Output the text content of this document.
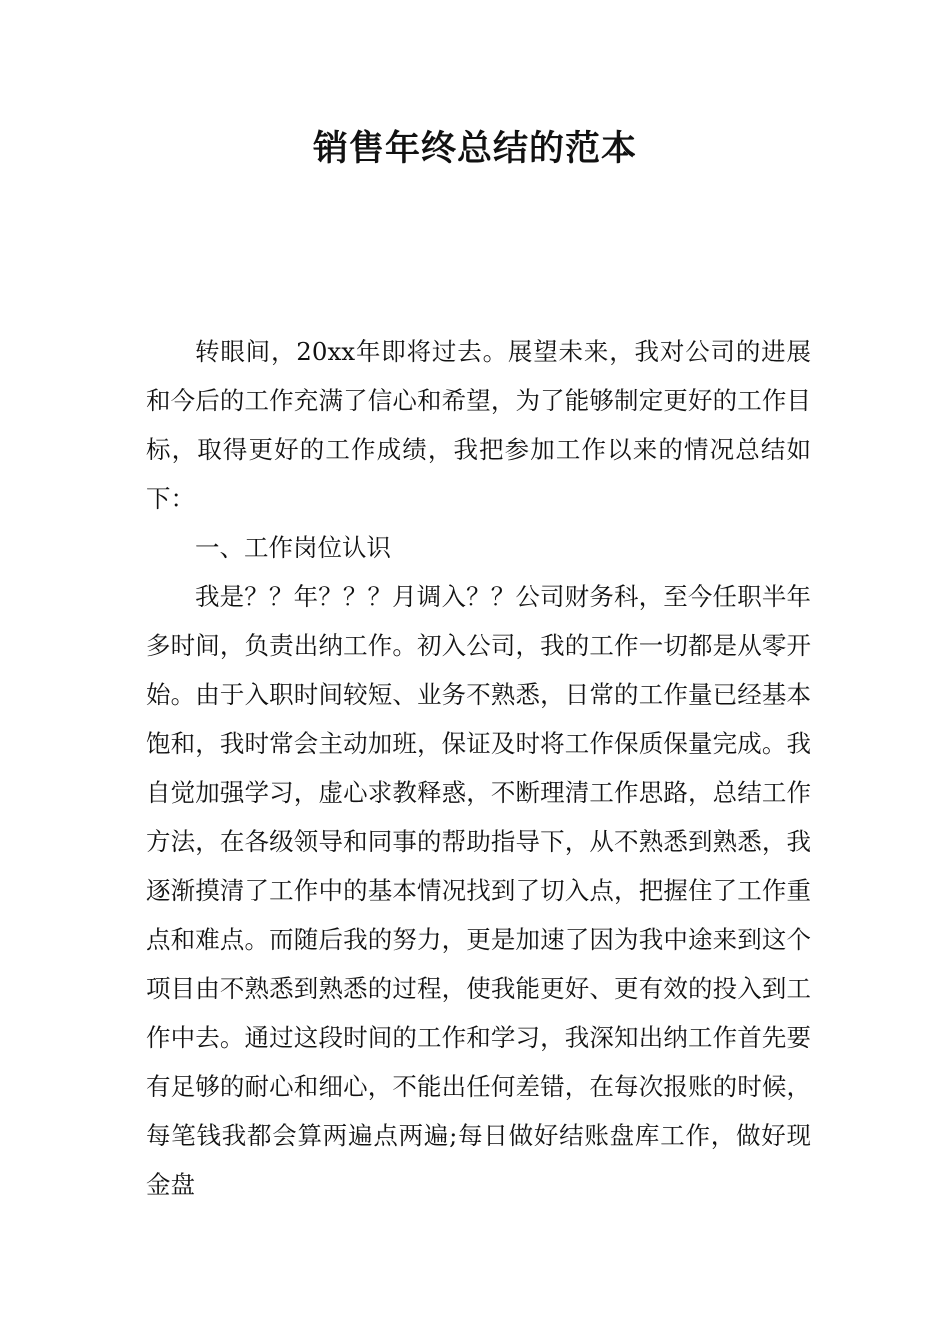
销售年终总结的范本

转眼间，20xx年即将过去。展望未来，我对公司的进展和今后的工作充满了信心和希望，为了能够制定更好的工作目标，取得更好的工作成绩，我把参加工作以来的情况总结如下：

一、工作岗位认识

我是？？年？？？月调入？？公司财务科，至今任职半年多时间，负责出纳工作。初入公司，我的工作一切都是从零开始。由于入职时间较短、业务不熟悉，日常的工作量已经基本饱和，我时常会主动加班，保证及时将工作保质保量完成。我自觉加强学习，虚心求教释惑，不断理清工作思路，总结工作方法，在各级领导和同事的帮助指导下，从不熟悉到熟悉，我逐渐摸清了工作中的基本情况找到了切入点，把握住了工作重点和难点。而随后我的努力，更是加速了因为我中途来到这个项目由不熟悉到熟悉的过程，使我能更好、更有效的投入到工作中去。通过这段时间的工作和学习，我深知出纳工作首先要有足够的耐心和细心，不能出任何差错，在每次报账的时候，每笔钱我都会算两遍点两遍;每日做好结账盘库工作，做好现金盘
